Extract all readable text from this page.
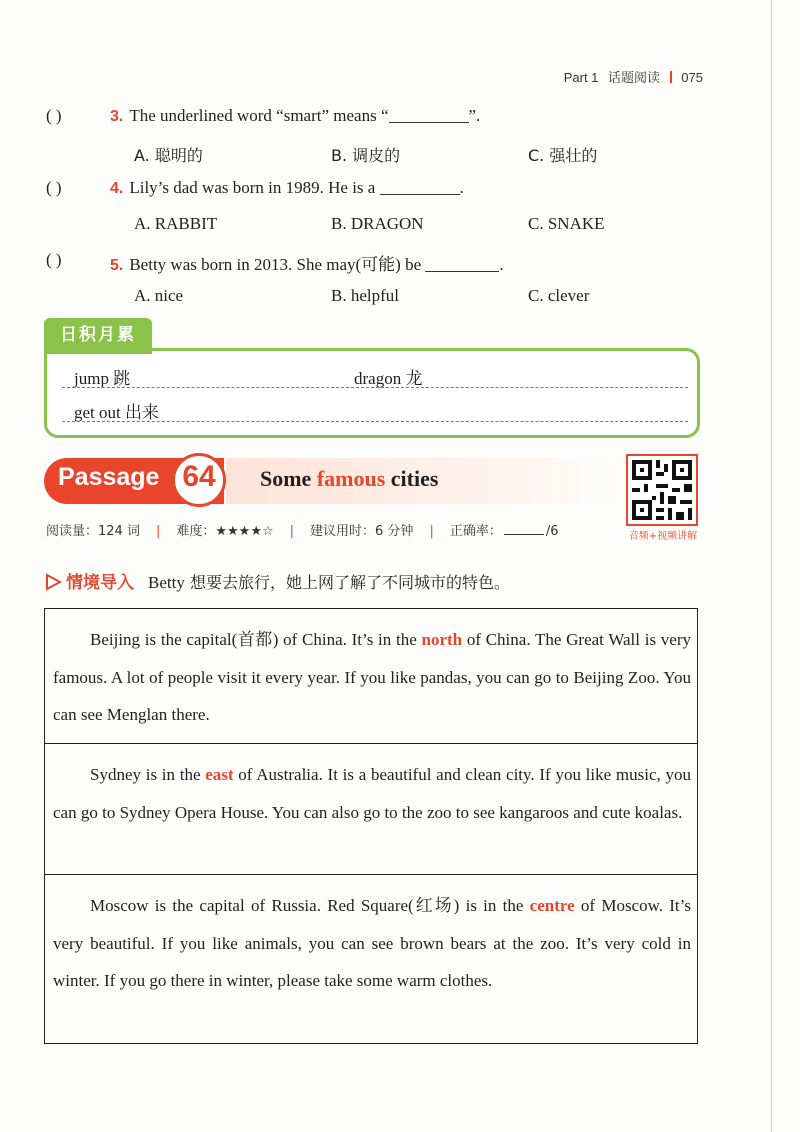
Part 1 话题阅读 075
( )	3. The underlined word “smart” means “	”.
A. 聪明的	B. 调皮的	C. 强壮的
( )	4. Lily’s dad was born in 1989. He is a	.
A. RABBIT	B. DRAGON	C. SNAKE
( )	5. Betty was born in 2013. She may(可能) be	.
A. nice	B. helpful	C. clever
日积月累
jump 跳	dragon 龙
get out 出来
Passage 64	Some famous cities
音频+视频讲解
阅读量：124 词 | 难度：★★★★☆ | 建议用时：6 分钟 | 正确率：	/6
情境导入 Betty 想要去旅行，她上网了解了不同城市的特色。

Beijing is the capital(首都) of China. It’s in the north of China. The Great Wall is very famous. A lot of people visit it every year. If you like pandas, you can go to Beijing Zoo. You can see Menglan there.

Sydney is in the east of Australia. It is a beautiful and clean city. If you like music, you can go to Sydney Opera House. You can also go to the zoo to see kangaroos and cute koalas.

Moscow is the capital of Russia. Red Square(红场) is in the centre of Moscow. It’s very beautiful. If you like animals, you can see brown bears at the zoo. It’s very cold in winter. If you go there in winter, please take some warm clothes.
